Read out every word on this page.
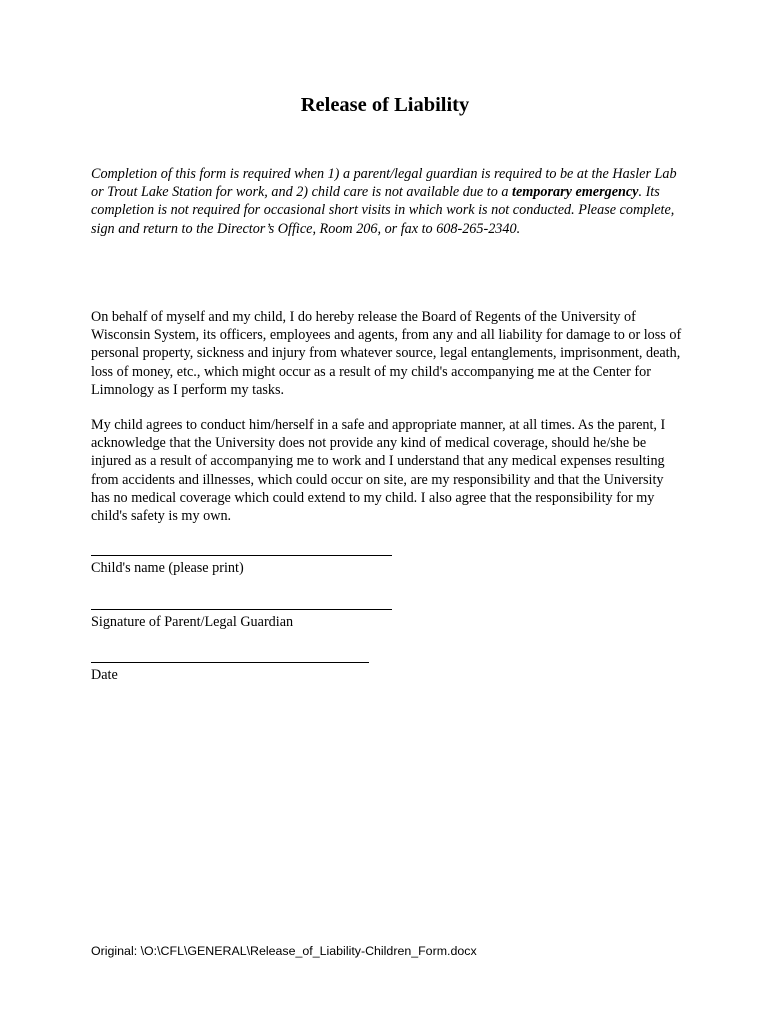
Release of Liability

Completion of this form is required when 1) a parent/legal guardian is required to be at the Hasler Lab or Trout Lake Station for work, and 2) child care is not available due to a temporary emergency. Its completion is not required for occasional short visits in which work is not conducted. Please complete, sign and return to the Director’s Office, Room 206, or fax to 608-265-2340.

On behalf of myself and my child, I do hereby release the Board of Regents of the University of Wisconsin System, its officers, employees and agents, from any and all liability for damage to or loss of personal property, sickness and injury from whatever source, legal entanglements, imprisonment, death, loss of money, etc., which might occur as a result of my child's accompanying me at the Center for Limnology as I perform my tasks.

My child agrees to conduct him/herself in a safe and appropriate manner, at all times. As the parent, I acknowledge that the University does not provide any kind of medical coverage, should he/she be injured as a result of accompanying me to work and I understand that any medical expenses resulting from accidents and illnesses, which could occur on site, are my responsibility and that the University has no medical coverage which could extend to my child. I also agree that the responsibility for my child's safety is my own.

Child's name (please print)
Signature of Parent/Legal Guardian
Date
Original: \O:\CFL\GENERAL\Release_of_Liability-Children_Form.docx
